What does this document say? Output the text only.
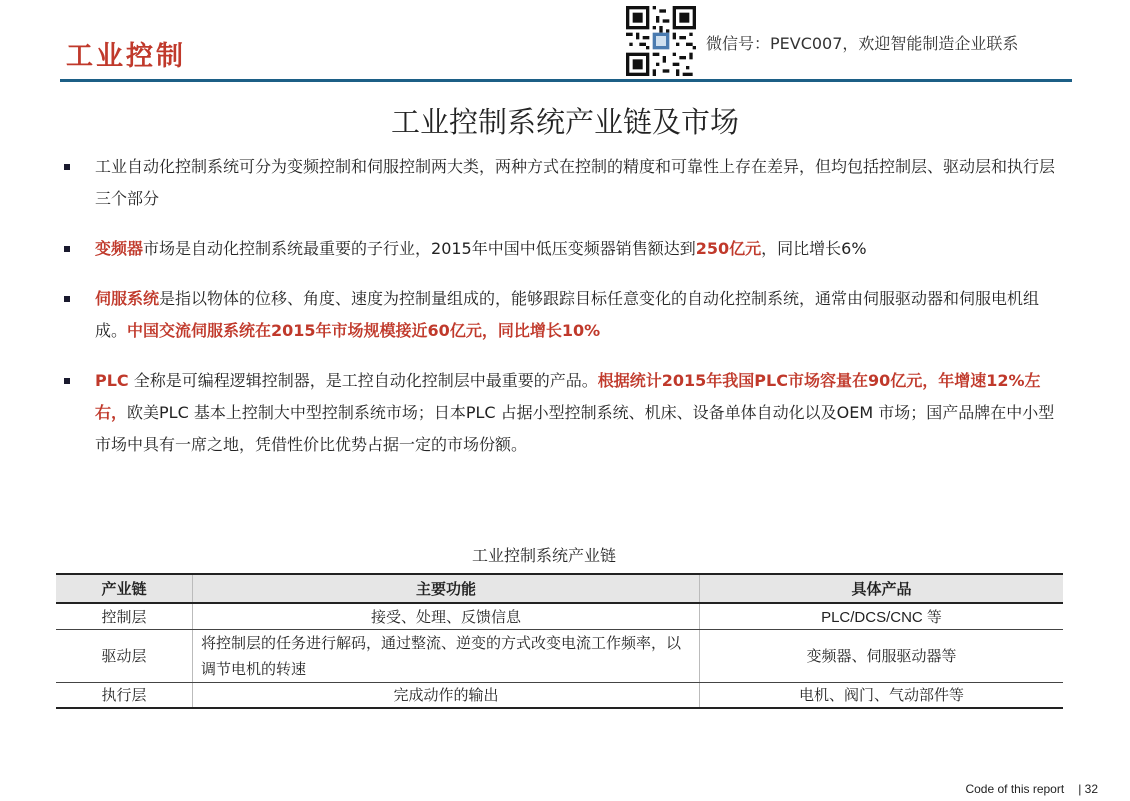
工业控制	微信号：PEVC007，欢迎智能制造企业联系
工业控制系统产业链及市场
工业自动化控制系统可分为变频控制和伺服控制两大类，两种方式在控制的精度和可靠性上存在差异，但均包括控制层、驱动层和执行层三个部分
变频器市场是自动化控制系统最重要的子行业，2015年中国中低压变频器销售额达到250亿元，同比增长6%
伺服系统是指以物体的位移、角度、速度为控制量组成的，能够跟踪目标任意变化的自动化控制系统，通常由伺服驱动器和伺服电机组成。中国交流伺服系统在2015年市场规模接近60亿元，同比增长10%
PLC 全称是可编程逻辑控制器，是工控自动化控制层中最重要的产品。根据统计2015年我国PLC市场容量在90亿元，年增速12%左右，欧美PLC 基本上控制大中型控制系统市场；日本PLC 占据小型控制系统、机床、设备单体自动化以及OEM 市场；国产品牌在中小型市场中具有一席之地，凭借性价比优势占据一定的市场份额。
工业控制系统产业链
产业链	主要功能	具体产品
控制层	接受、处理、反馈信息	PLC/DCS/CNC 等
驱动层	将控制层的任务进行解码，通过整流、逆变的方式改变电流工作频率，以调节电机的转速	变频器、伺服驱动器等
执行层	完成动作的输出	电机、阀门、气动部件等
Code of this report | 32
